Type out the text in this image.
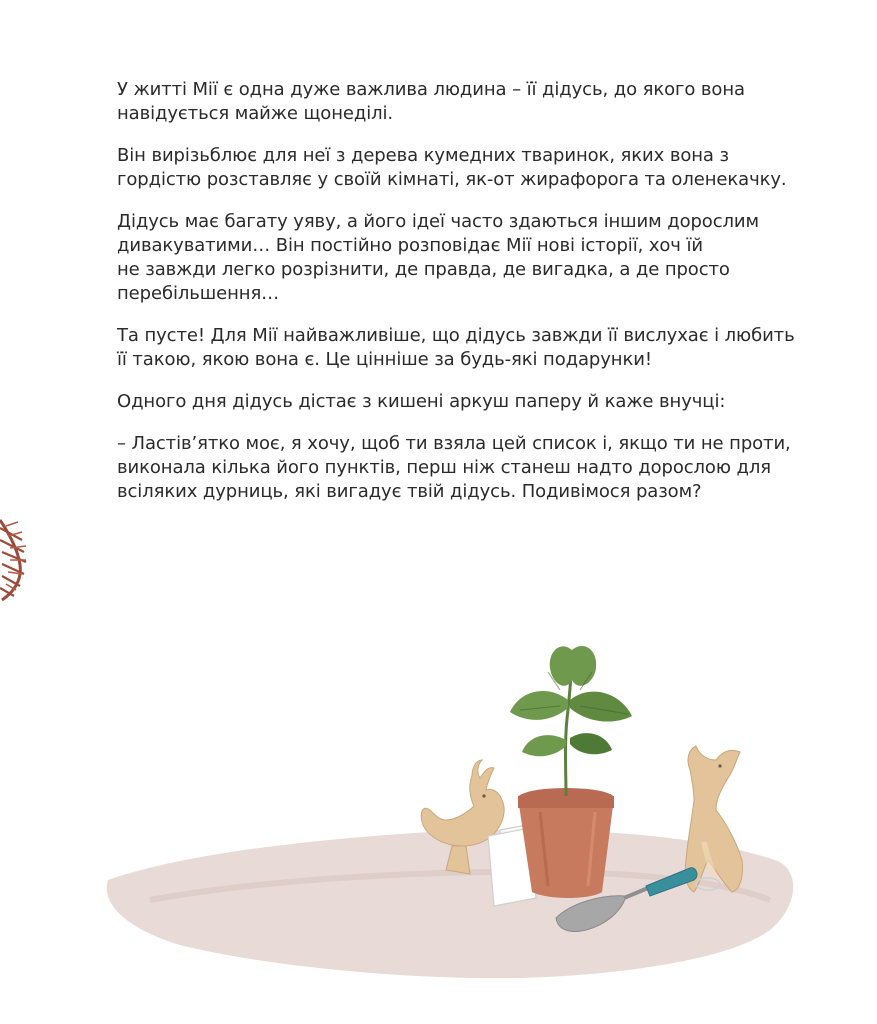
У житті Мії є одна дуже важлива людина – її дідусь, до якого вона
навідується майже щонеділі.

Він вирізьблює для неї з дерева кумедних тваринок, яких вона з
гордістю розставляє у своїй кімнаті, як-от жирафорога та оленекачку.

Дідусь має багату уяву, а його ідеї часто здаються іншим дорослим
дивакуватими… Він постійно розповідає Мії нові історії, хоч їй
не завжди легко розрізнити, де правда, де вигадка, а де просто
перебільшення…

Та пусте! Для Мії найважливіше, що дідусь завжди її вислухає і любить
її такою, якою вона є. Це цінніше за будь-які подарунки!

Одного дня дідусь дістає з кишені аркуш паперу й каже внучці:

– Ластів’ятко моє, я хочу, щоб ти взяла цей список і, якщо ти не проти,
виконала кілька його пунктів, перш ніж станеш надто дорослою для
всіляких дурниць, які вигадує твій дідусь. Подивімося разом?
